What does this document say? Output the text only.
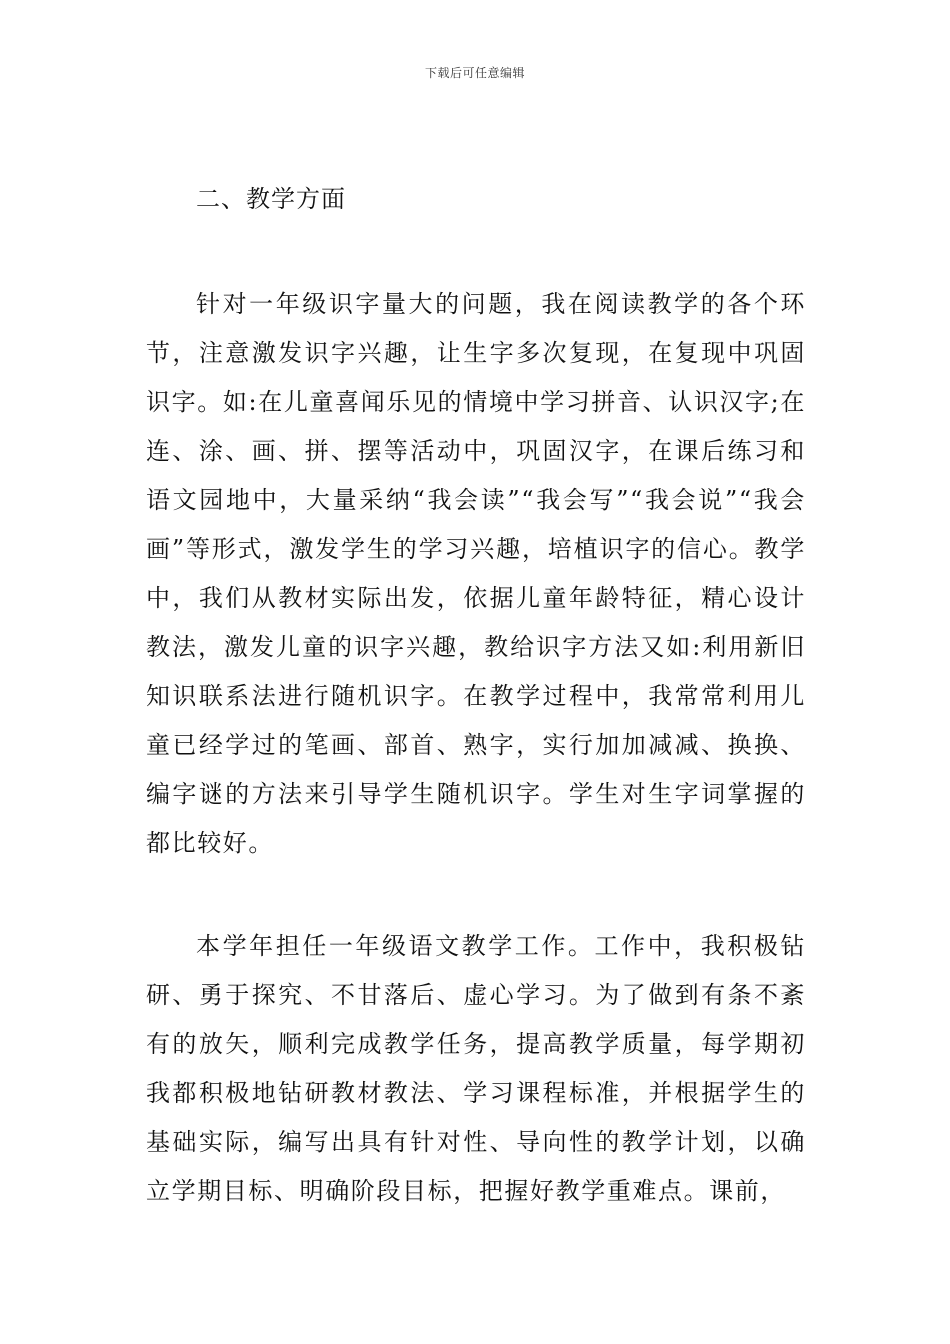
下载后可任意编辑
二、教学方面

针对一年级识字量大的问题，我在阅读教学的各个环节，注意激发识字兴趣，让生字多次复现，在复现中巩固识字。如:在儿童喜闻乐见的情境中学习拼音、认识汉字;在连、涂、画、拼、摆等活动中，巩固汉字，在课后练习和语文园地中，大量采纳“我会读”“我会写”“我会说”“我会画”等形式，激发学生的学习兴趣，培植识字的信心。教学中，我们从教材实际出发，依据儿童年龄特征，精心设计教法，激发儿童的识字兴趣，教给识字方法又如:利用新旧知识联系法进行随机识字。在教学过程中，我常常利用儿童已经学过的笔画、部首、熟字，实行加加减减、换换、编字谜的方法来引导学生随机识字。学生对生字词掌握的都比较好。

本学年担任一年级语文教学工作。工作中，我积极钻研、勇于探究、不甘落后、虚心学习。为了做到有条不紊有的放矢，顺利完成教学任务，提高教学质量，每学期初我都积极地钻研教材教法、学习课程标准，并根据学生的基础实际，编写出具有针对性、导向性的教学计划，以确立学期目标、明确阶段目标，把握好教学重难点。课前，
